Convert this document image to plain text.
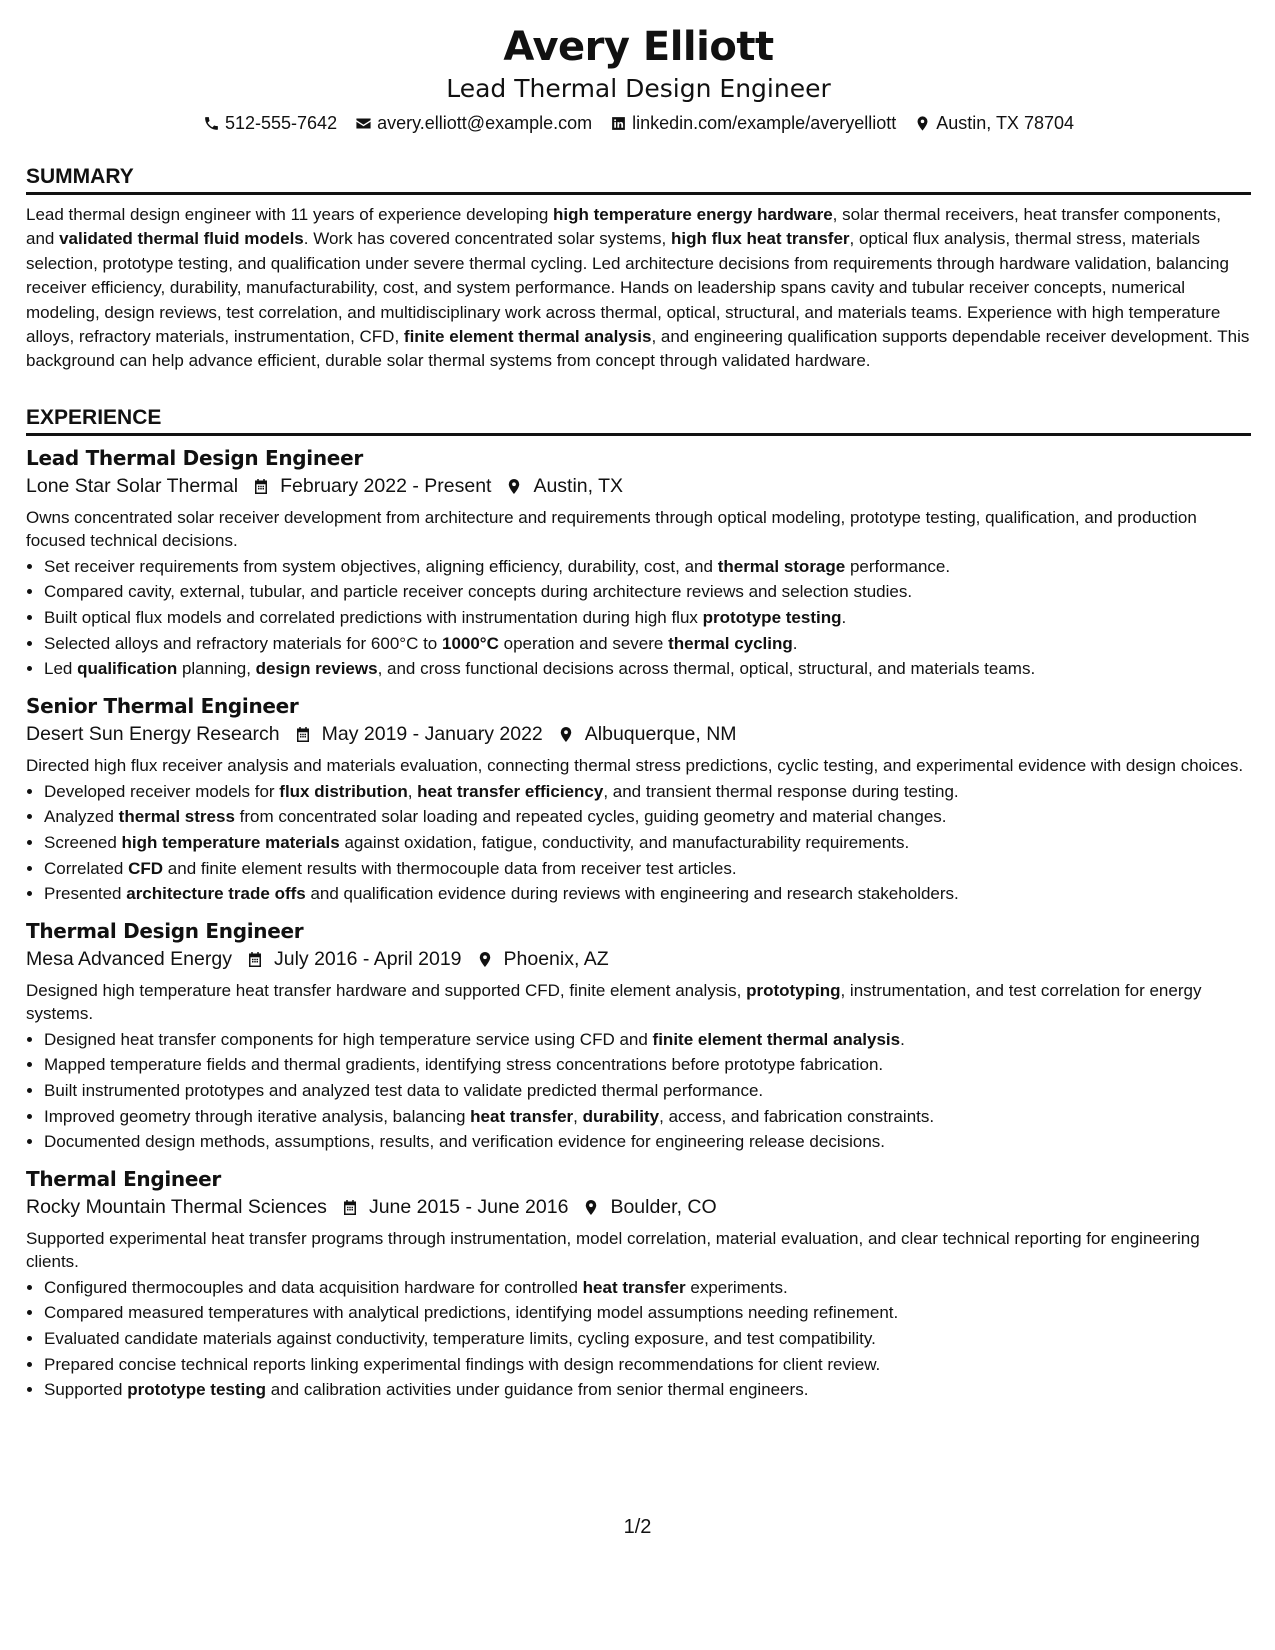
Avery Elliott
Lead Thermal Design Engineer
512-555-7642 avery.elliott@example.com linkedin.com/example/averyelliott Austin, TX 78704
SUMMARY
Lead thermal design engineer with 11 years of experience developing high temperature energy hardware, solar thermal receivers, heat transfer components, and validated thermal fluid models. Work has covered concentrated solar systems, high flux heat transfer, optical flux analysis, thermal stress, materials selection, prototype testing, and qualification under severe thermal cycling. Led architecture decisions from requirements through hardware validation, balancing receiver efficiency, durability, manufacturability, cost, and system performance. Hands on leadership spans cavity and tubular receiver concepts, numerical modeling, design reviews, test correlation, and multidisciplinary work across thermal, optical, structural, and materials teams. Experience with high temperature alloys, refractory materials, instrumentation, CFD, finite element thermal analysis, and engineering qualification supports dependable receiver development. This background can help advance efficient, durable solar thermal systems from concept through validated hardware.
EXPERIENCE
Lead Thermal Design Engineer
Lone Star Solar Thermal February 2022 - Present Austin, TX
Owns concentrated solar receiver development from architecture and requirements through optical modeling, prototype testing, qualification, and production focused technical decisions.
• Set receiver requirements from system objectives, aligning efficiency, durability, cost, and thermal storage performance.
• Compared cavity, external, tubular, and particle receiver concepts during architecture reviews and selection studies.
• Built optical flux models and correlated predictions with instrumentation during high flux prototype testing.
• Selected alloys and refractory materials for 600°C to 1000°C operation and severe thermal cycling.
• Led qualification planning, design reviews, and cross functional decisions across thermal, optical, structural, and materials teams.
Senior Thermal Engineer
Desert Sun Energy Research May 2019 - January 2022 Albuquerque, NM
Directed high flux receiver analysis and materials evaluation, connecting thermal stress predictions, cyclic testing, and experimental evidence with design choices.
• Developed receiver models for flux distribution, heat transfer efficiency, and transient thermal response during testing.
• Analyzed thermal stress from concentrated solar loading and repeated cycles, guiding geometry and material changes.
• Screened high temperature materials against oxidation, fatigue, conductivity, and manufacturability requirements.
• Correlated CFD and finite element results with thermocouple data from receiver test articles.
• Presented architecture trade offs and qualification evidence during reviews with engineering and research stakeholders.
Thermal Design Engineer
Mesa Advanced Energy July 2016 - April 2019 Phoenix, AZ
Designed high temperature heat transfer hardware and supported CFD, finite element analysis, prototyping, instrumentation, and test correlation for energy systems.
• Designed heat transfer components for high temperature service using CFD and finite element thermal analysis.
• Mapped temperature fields and thermal gradients, identifying stress concentrations before prototype fabrication.
• Built instrumented prototypes and analyzed test data to validate predicted thermal performance.
• Improved geometry through iterative analysis, balancing heat transfer, durability, access, and fabrication constraints.
• Documented design methods, assumptions, results, and verification evidence for engineering release decisions.
Thermal Engineer
Rocky Mountain Thermal Sciences June 2015 - June 2016 Boulder, CO
Supported experimental heat transfer programs through instrumentation, model correlation, material evaluation, and clear technical reporting for engineering clients.
• Configured thermocouples and data acquisition hardware for controlled heat transfer experiments.
• Compared measured temperatures with analytical predictions, identifying model assumptions needing refinement.
• Evaluated candidate materials against conductivity, temperature limits, cycling exposure, and test compatibility.
• Prepared concise technical reports linking experimental findings with design recommendations for client review.
• Supported prototype testing and calibration activities under guidance from senior thermal engineers.
1/2
